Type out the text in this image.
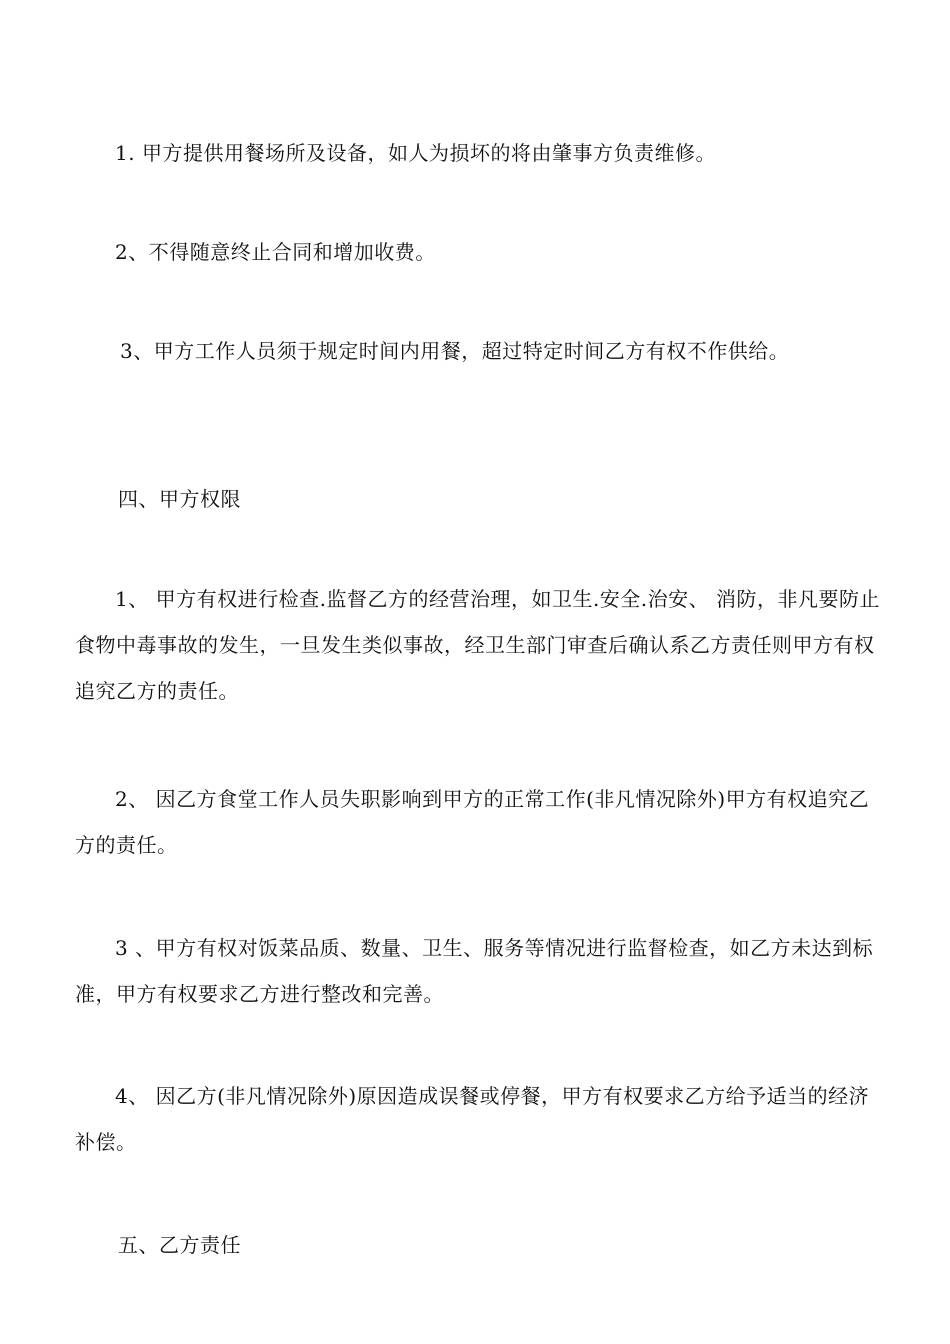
1. 甲方提供用餐场所及设备，如人为损坏的将由肇事方负责维修。

2、不得随意终止合同和增加收费。

3、甲方工作人员须于规定时间内用餐，超过特定时间乙方有权不作供给。

四、甲方权限

1、 甲方有权进行检查.监督乙方的经营治理，如卫生.安全.治安、 消防，非凡要防止食物中毒事故的发生，一旦发生类似事故，经卫生部门审查后确认系乙方责任则甲方有权追究乙方的责任。

2、 因乙方食堂工作人员失职影响到甲方的正常工作(非凡情况除外)甲方有权追究乙方的责任。

3 、甲方有权对饭菜品质、数量、卫生、服务等情况进行监督检查，如乙方未达到标准，甲方有权要求乙方进行整改和完善。

4、 因乙方(非凡情况除外)原因造成误餐或停餐，甲方有权要求乙方给予适当的经济补偿。

五、乙方责任
